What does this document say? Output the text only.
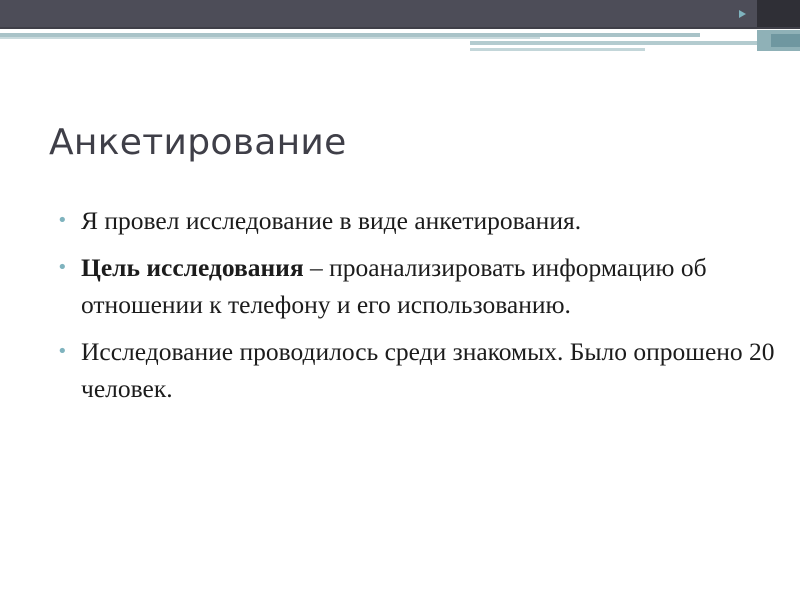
Анкетирование
• Я провел исследование в виде анкетирования.
• Цель исследования – проанализировать информацию об отношении к телефону и его использованию.
• Исследование проводилось среди знакомых. Было опрошено 20 человек.
